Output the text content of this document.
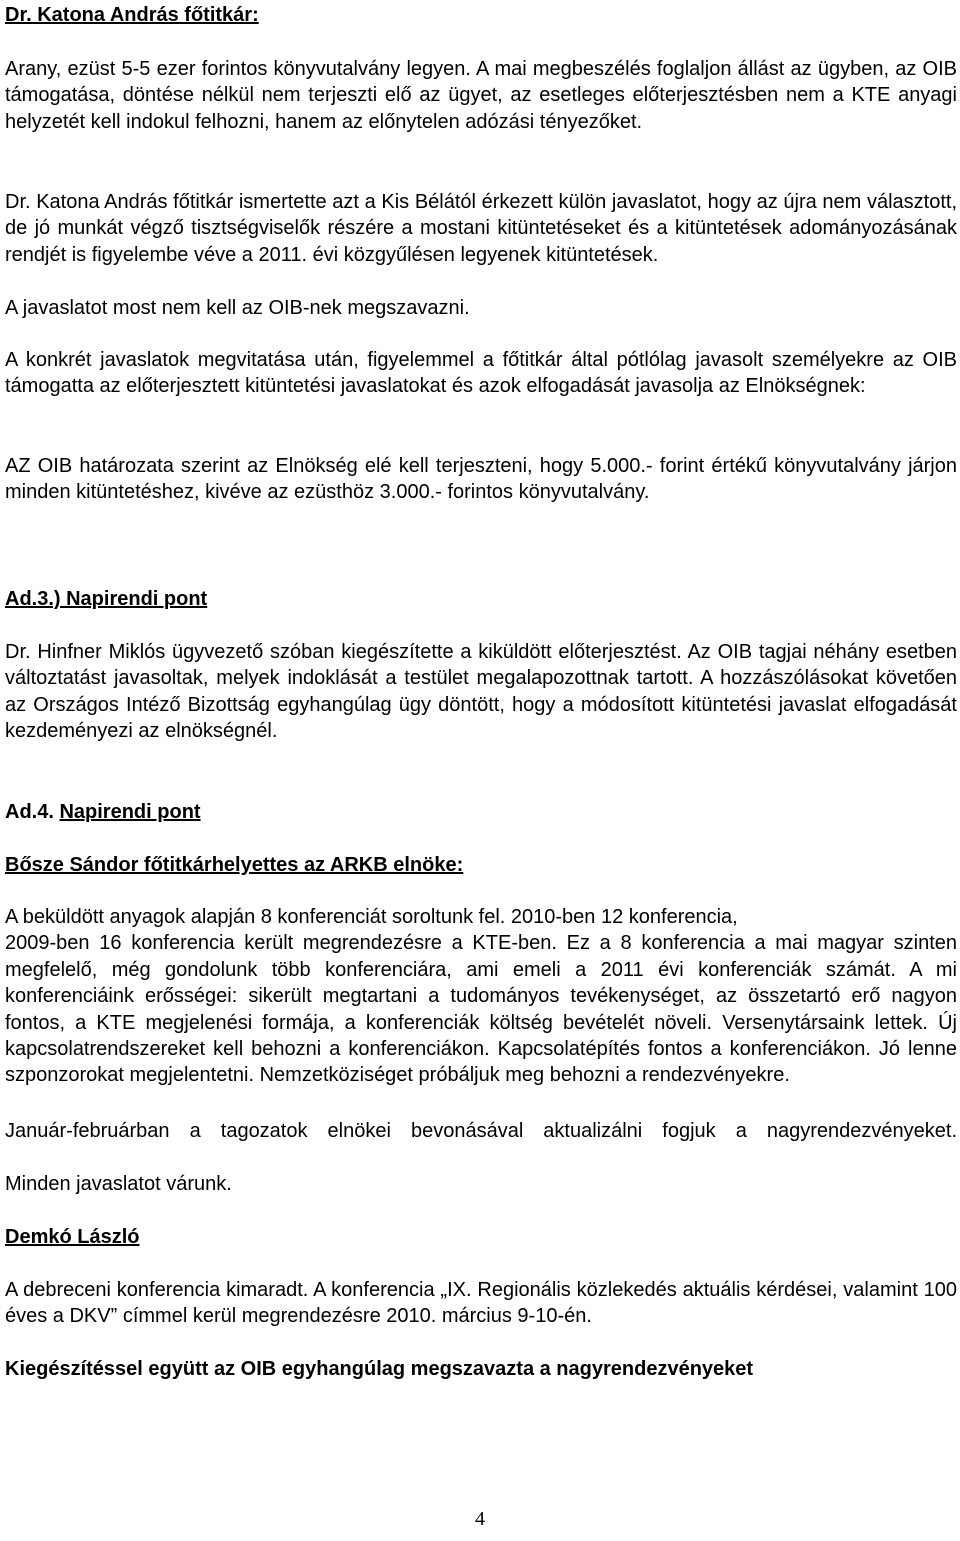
Dr. Katona András főtitkár:

Arany, ezüst 5-5 ezer forintos könyvutalvány legyen. A mai megbeszélés foglaljon állást az ügyben, az OIB támogatása, döntése nélkül nem terjeszti elő az ügyet, az esetleges előterjesztésben nem a KTE anyagi helyzetét kell indokul felhozni, hanem az előnytelen adózási tényezőket.

Dr. Katona András főtitkár ismertette azt a Kis Bélától érkezett külön javaslatot, hogy az újra nem választott, de jó munkát végző tisztségviselők részére a mostani kitüntetéseket és a kitüntetések adományozásának rendjét is figyelembe véve a 2011. évi közgyűlésen legyenek kitüntetések.

A javaslatot most nem kell az OIB-nek megszavazni.

A konkrét javaslatok megvitatása után, figyelemmel a főtitkár által pótlólag javasolt személyekre az OIB támogatta az előterjesztett kitüntetési javaslatokat és azok elfogadását javasolja az Elnökségnek:

AZ OIB határozata szerint az Elnökség elé kell terjeszteni, hogy 5.000.- forint értékű könyvutalvány járjon minden kitüntetéshez, kivéve az ezüsthöz 3.000.- forintos könyvutalvány.

Ad.3.) Napirendi pont

Dr. Hinfner Miklós ügyvezető szóban kiegészítette a kiküldött előterjesztést. Az OIB tagjai néhány esetben változtatást javasoltak, melyek indoklását a testület megalapozottnak tartott. A hozzászólásokat követően az Országos Intéző Bizottság egyhangúlag ügy döntött, hogy a módosított kitüntetési javaslat elfogadását kezdeményezi az elnökségnél.

Ad.4. Napirendi pont
Bősze Sándor főtitkárhelyettes az ARKB elnöke:
A beküldött anyagok alapján 8 konferenciát soroltunk fel. 2010-ben 12 konferencia,
2009-ben 16 konferencia került megrendezésre a KTE-ben. Ez a 8 konferencia a mai magyar szinten megfelelő, még gondolunk több konferenciára, ami emeli a 2011 évi konferenciák számát. A mi konferenciáink erősségei: sikerült megtartani a tudományos tevékenységet, az összetartó erő nagyon fontos, a KTE megjelenési formája, a konferenciák költség bevételét növeli. Versenytársaink lettek. Új kapcsolatrendszereket kell behozni a konferenciákon. Kapcsolatépítés fontos a konferenciákon. Jó lenne szponzorokat megjelentetni. Nemzetköziséget próbáljuk meg behozni a rendezvényekre.
Január-februárban a tagozatok elnökei bevonásával aktualizálni fogjuk a nagyrendezvényeket.
Minden javaslatot várunk.
Demkó László

A debreceni konferencia kimaradt. A konferencia „IX. Regionális közlekedés aktuális kérdései, valamint 100 éves a DKV” címmel kerül megrendezésre 2010. március 9-10-én.

Kiegészítéssel együtt az OIB egyhangúlag megszavazta a nagyrendezvényeket
4
